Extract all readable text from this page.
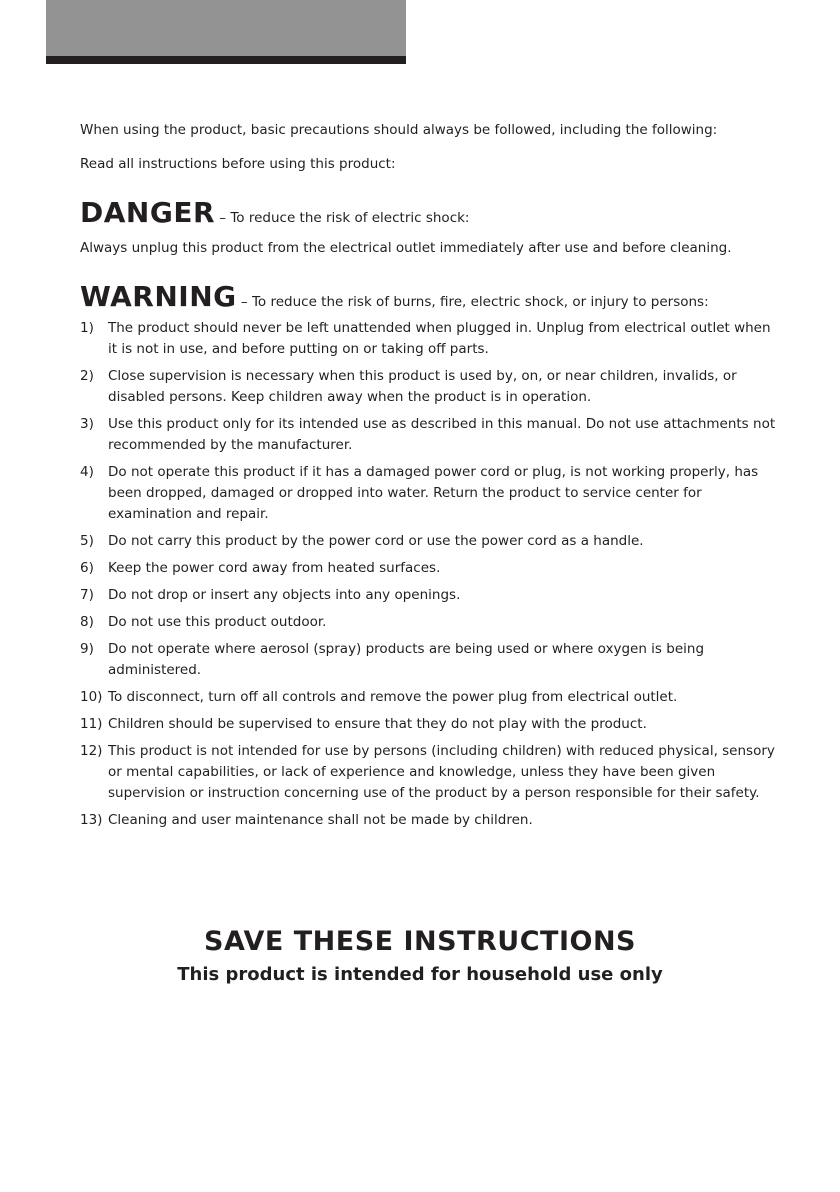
When using the product, basic precautions should always be followed, including the following:

Read all instructions before using this product:

DANGER – To reduce the risk of electric shock:

Always unplug this product from the electrical outlet immediately after use and before cleaning.

WARNING – To reduce the risk of burns, fire, electric shock, or injury to persons:
1) The product should never be left unattended when plugged in. Unplug from electrical outlet when it is not in use, and before putting on or taking off parts.
2) Close supervision is necessary when this product is used by, on, or near children, invalids, or disabled persons. Keep children away when the product is in operation.
3) Use this product only for its intended use as described in this manual. Do not use attachments not recommended by the manufacturer.
4) Do not operate this product if it has a damaged power cord or plug, is not working properly, has been dropped, damaged or dropped into water. Return the product to service center for examination and repair.
5) Do not carry this product by the power cord or use the power cord as a handle.
6) Keep the power cord away from heated surfaces.
7) Do not drop or insert any objects into any openings.
8) Do not use this product outdoor.
9) Do not operate where aerosol (spray) products are being used or where oxygen is being administered.
10) To disconnect, turn off all controls and remove the power plug from electrical outlet.
11) Children should be supervised to ensure that they do not play with the product.
12) This product is not intended for use by persons (including children) with reduced physical, sensory or mental capabilities, or lack of experience and knowledge, unless they have been given supervision or instruction concerning use of the product by a person responsible for their safety.
13) Cleaning and user maintenance shall not be made by children.
SAVE THESE INSTRUCTIONS
This product is intended for household use only
